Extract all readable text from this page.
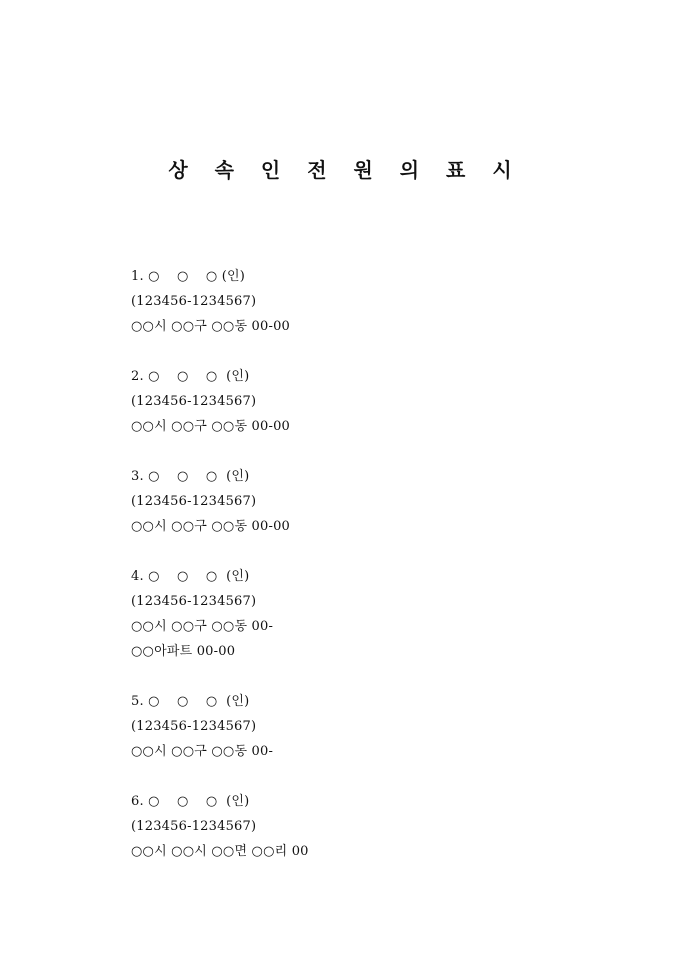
상 속 인 전 원 의 표 시
1. ○    ○    ○ (인)
(123456-1234567)
○○시 ○○구 ○○동 00-00
2. ○    ○    ○  (인)
(123456-1234567)
○○시 ○○구 ○○동 00-00
3. ○    ○    ○  (인)
(123456-1234567)
○○시 ○○구 ○○동 00-00
4. ○    ○    ○  (인)
(123456-1234567)
○○시 ○○구 ○○동 00-
○○아파트 00-00
5. ○    ○    ○  (인)
(123456-1234567)
○○시 ○○구 ○○동 00-
6. ○    ○    ○  (인)
(123456-1234567)
○○시 ○○시 ○○면 ○○리 00
